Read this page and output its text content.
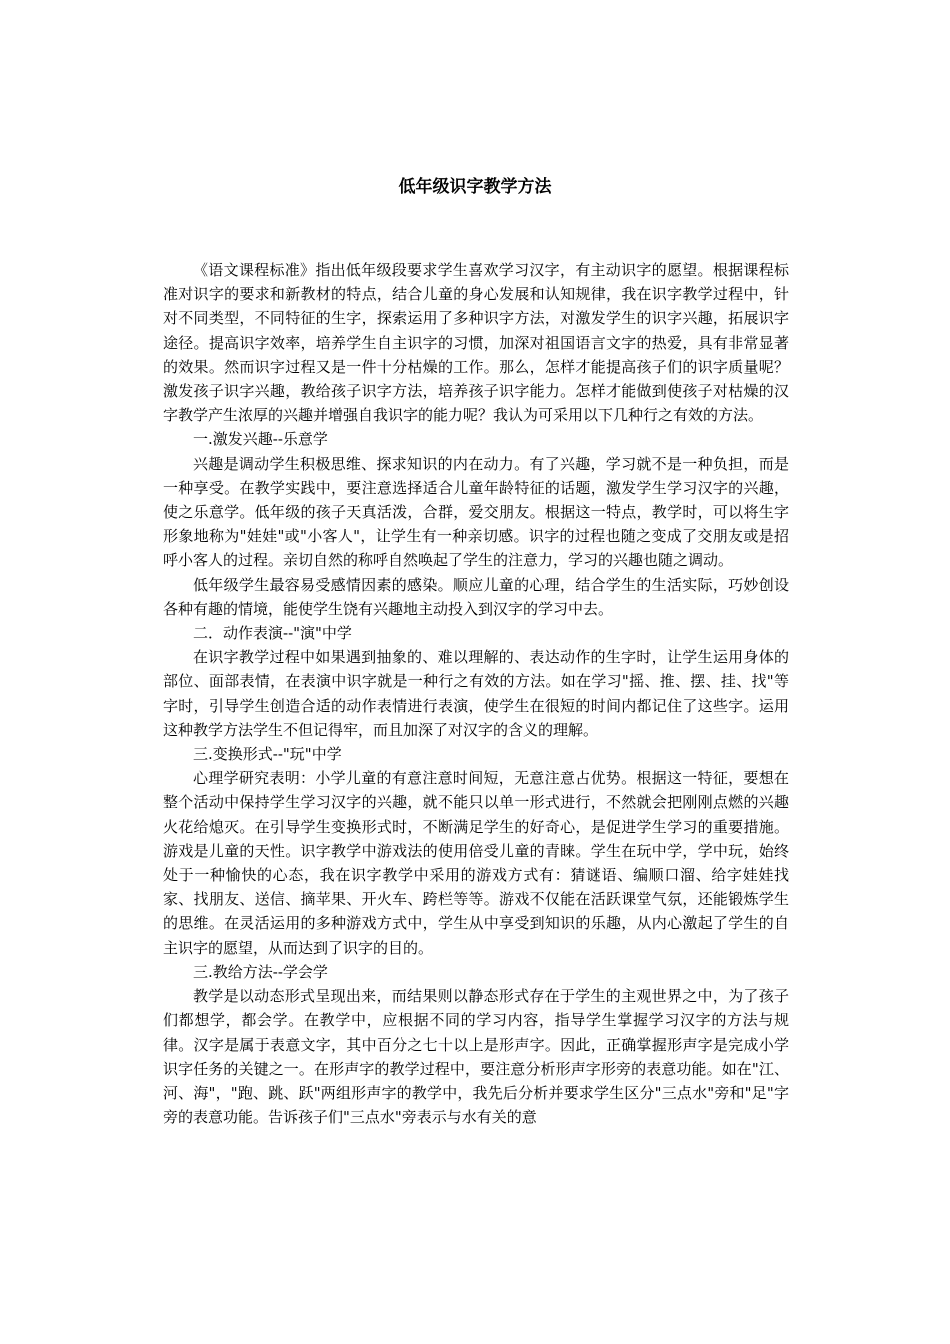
低年级识字教学方法

《语文课程标准》指出低年级段要求学生喜欢学习汉字，有主动识字的愿望。根据课程标准对识字的要求和新教材的特点，结合儿童的身心发展和认知规律，我在识字教学过程中，针对不同类型，不同特征的生字，探索运用了多种识字方法，对激发学生的识字兴趣，拓展识字途径。提高识字效率，培养学生自主识字的习惯，加深对祖国语言文字的热爱，具有非常显著的效果。然而识字过程又是一件十分枯燥的工作。那么，怎样才能提高孩子们的识字质量呢？激发孩子识字兴趣，教给孩子识字方法，培养孩子识字能力。怎样才能做到使孩子对枯燥的汉字教学产生浓厚的兴趣并增强自我识字的能力呢？我认为可采用以下几种行之有效的方法。

一.激发兴趣--乐意学

兴趣是调动学生积极思维、探求知识的内在动力。有了兴趣，学习就不是一种负担，而是一种享受。在教学实践中，要注意选择适合儿童年龄特征的话题，激发学生学习汉字的兴趣，使之乐意学。低年级的孩子天真活泼，合群，爱交朋友。根据这一特点，教学时，可以将生字形象地称为"娃娃"或"小客人"，让学生有一种亲切感。识字的过程也随之变成了交朋友或是招呼小客人的过程。亲切自然的称呼自然唤起了学生的注意力，学习的兴趣也随之调动。

低年级学生最容易受感情因素的感染。顺应儿童的心理，结合学生的生活实际，巧妙创设各种有趣的情境，能使学生饶有兴趣地主动投入到汉字的学习中去。

二．动作表演--"演"中学

在识字教学过程中如果遇到抽象的、难以理解的、表达动作的生字时，让学生运用身体的部位、面部表情，在表演中识字就是一种行之有效的方法。如在学习"摇、推、摆、挂、找"等字时，引导学生创造合适的动作表情进行表演，使学生在很短的时间内都记住了这些字。运用这种教学方法学生不但记得牢，而且加深了对汉字的含义的理解。

三.变换形式--"玩"中学

心理学研究表明：小学儿童的有意注意时间短，无意注意占优势。根据这一特征，要想在整个活动中保持学生学习汉字的兴趣，就不能只以单一形式进行，不然就会把刚刚点燃的兴趣火花给熄灭。在引导学生变换形式时，不断满足学生的好奇心，是促进学生学习的重要措施。游戏是儿童的天性。识字教学中游戏法的使用倍受儿童的青睐。学生在玩中学，学中玩，始终处于一种愉快的心态，我在识字教学中采用的游戏方式有：猜谜语、编顺口溜、给字娃娃找家、找朋友、送信、摘苹果、开火车、跨栏等等。游戏不仅能在活跃课堂气氛，还能锻炼学生的思维。在灵活运用的多种游戏方式中，学生从中享受到知识的乐趣，从内心激起了学生的自主识字的愿望，从而达到了识字的目的。

三.教给方法--学会学

教学是以动态形式呈现出来，而结果则以静态形式存在于学生的主观世界之中，为了孩子们都想学，都会学。在教学中，应根据不同的学习内容，指导学生掌握学习汉字的方法与规律。汉字是属于表意文字，其中百分之七十以上是形声字。因此，正确掌握形声字是完成小学识字任务的关键之一。在形声字的教学过程中，要注意分析形声字形旁的表意功能。如在"江、河、海"，"跑、跳、跃"两组形声字的教学中，我先后分析并要求学生区分"三点水"旁和"足"字旁的表意功能。告诉孩子们"三点水"旁表示与水有关的意
